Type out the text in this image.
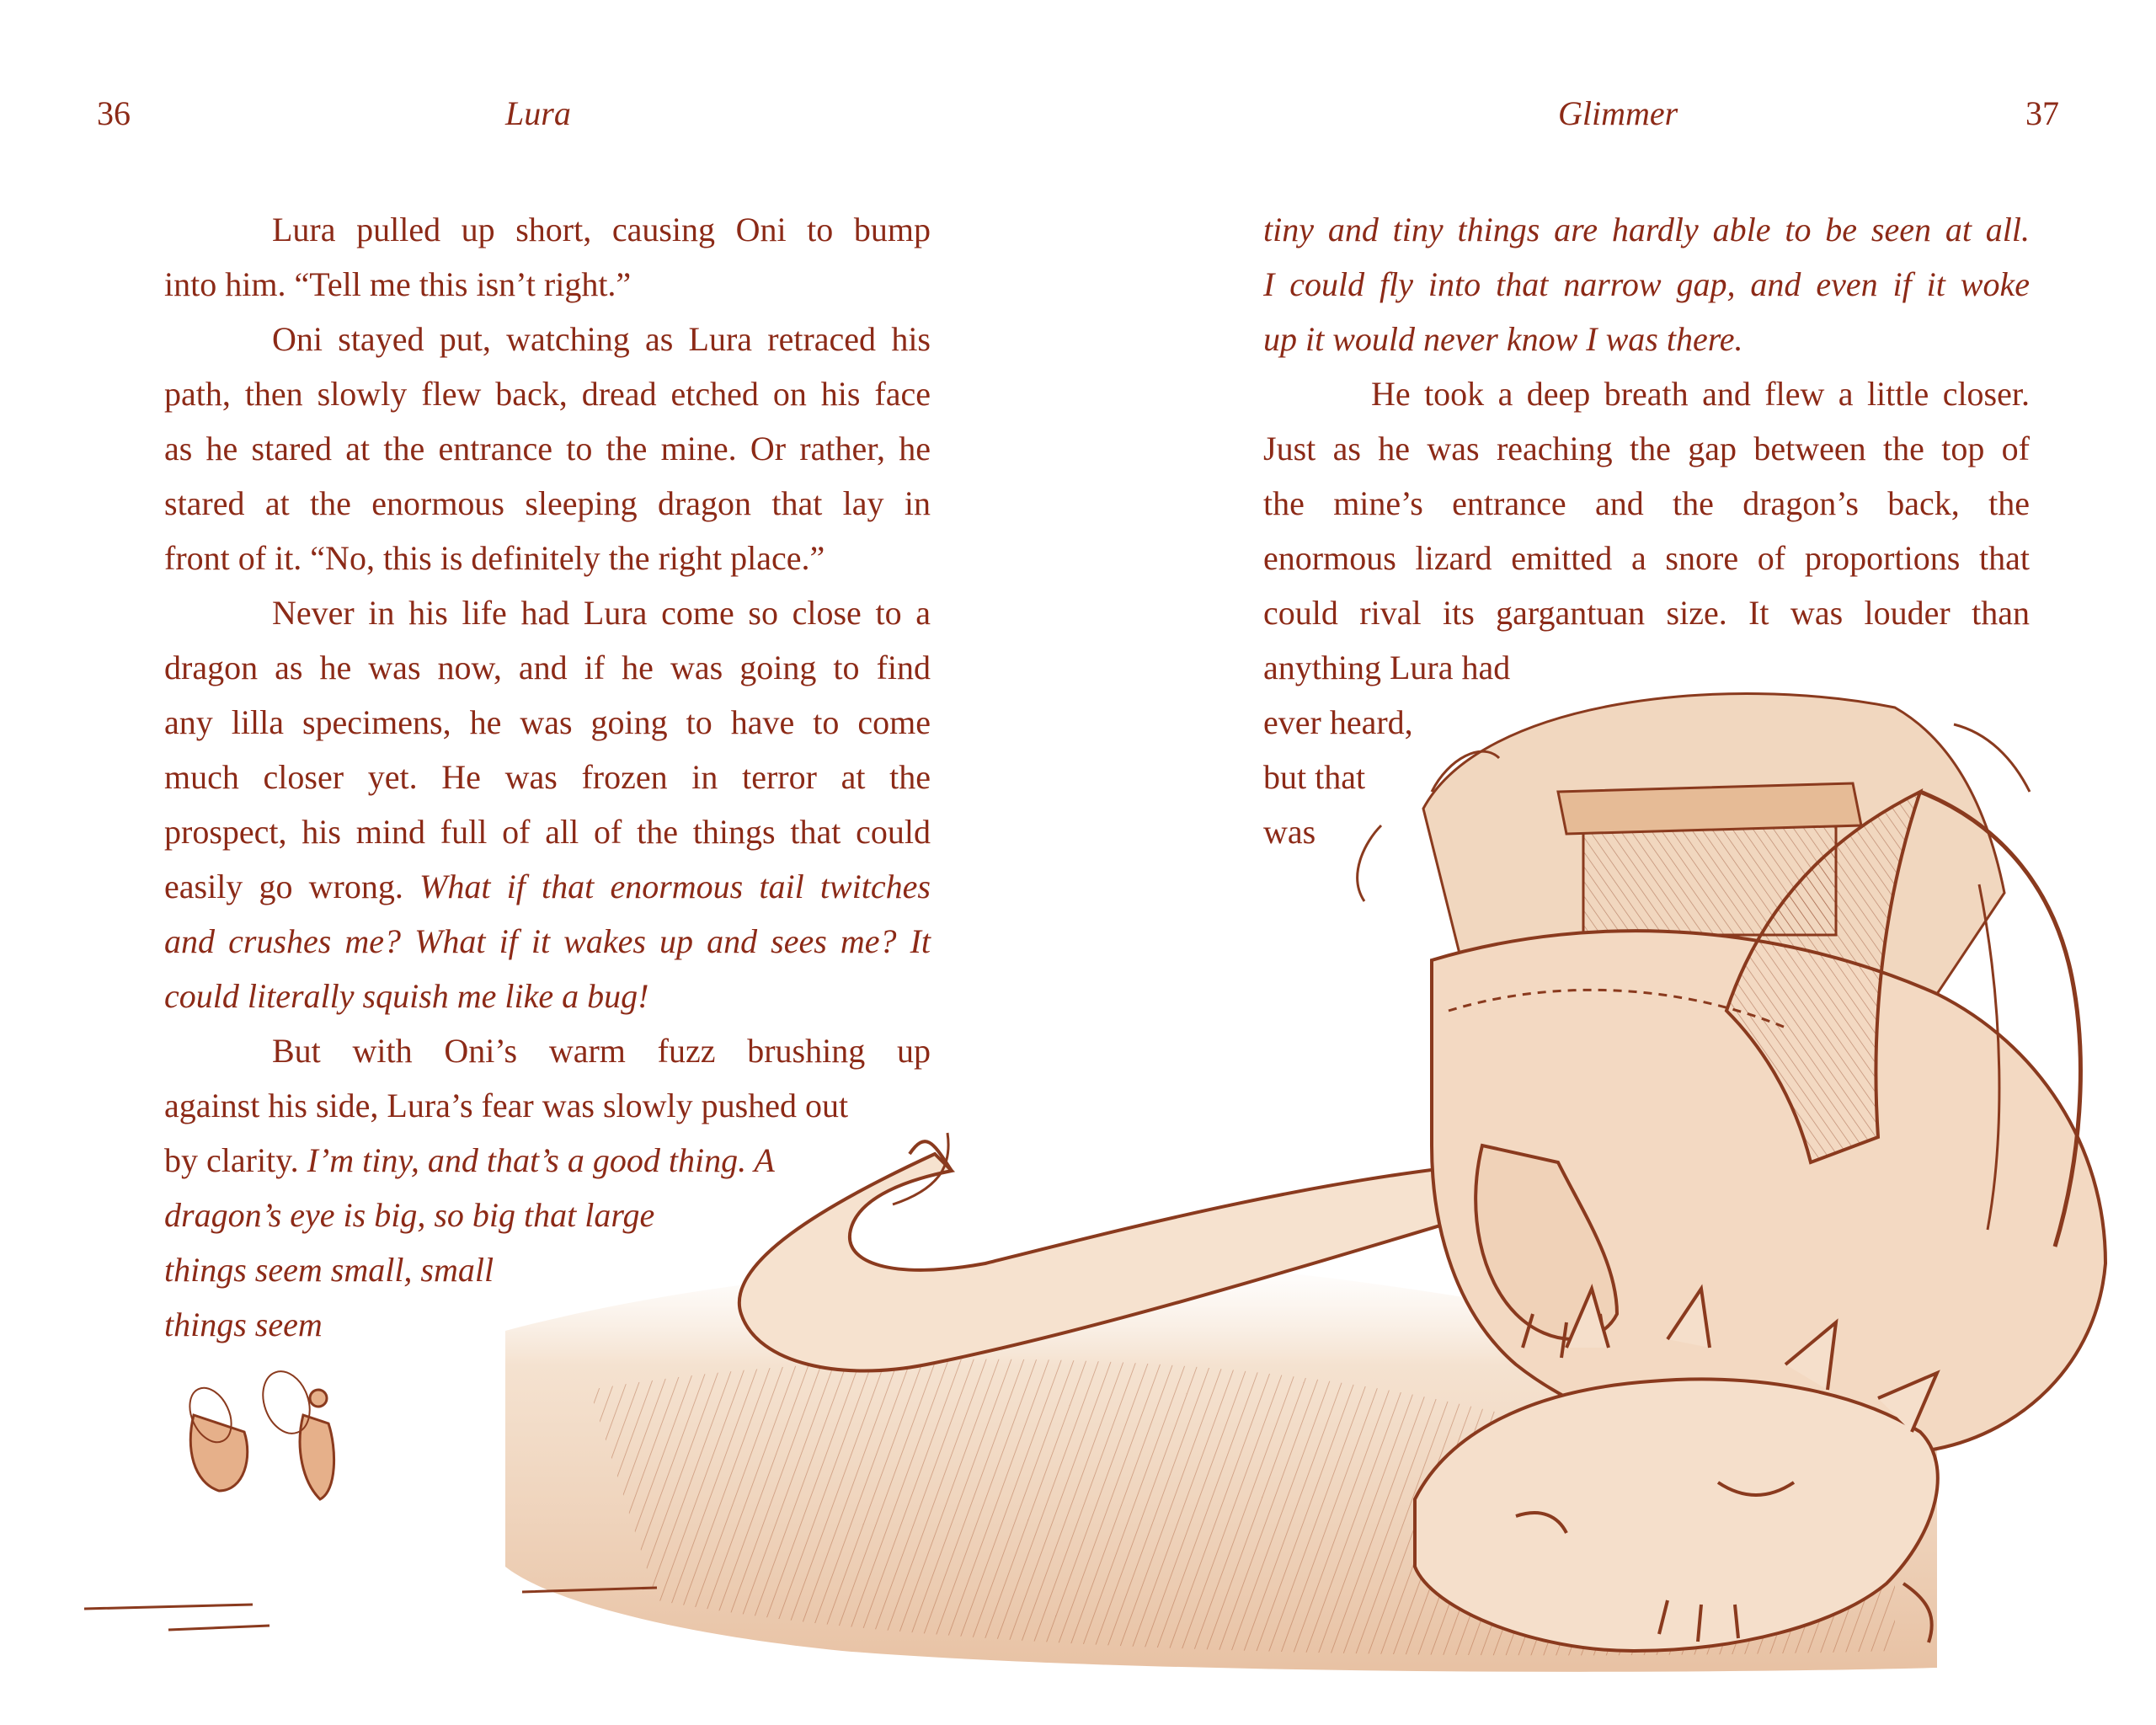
36	Lura	Glimmer	37
Lura pulled up short, causing Oni to bump
into him. “Tell me this isn’t right.”
Oni stayed put, watching as Lura retraced his
path, then slowly flew back, dread etched on his face
as he stared at the entrance to the mine. Or rather, he
stared at the enormous sleeping dragon that lay in
front of it. “No, this is definitely the right place.”
Never in his life had Lura come so close to a
dragon as he was now, and if he was going to find
any lilla specimens, he was going to have to come
much closer yet. He was frozen in terror at the
prospect, his mind full of all of the things that could
easily go wrong. What if that enormous tail twitches
and crushes me? What if it wakes up and sees me? It
could literally squish me like a bug!
But with Oni’s warm fuzz brushing up
against his side, Lura’s fear was slowly pushed out
by clarity. I’m tiny, and that’s a good thing. A
dragon’s eye is big, so big that large
things seem small, small
things seem
tiny and tiny things are hardly able to be seen at all.
I could fly into that narrow gap, and even if it woke
up it would never know I was there.
He took a deep breath and flew a little closer.
Just as he was reaching the gap between the top of
the mine’s entrance and the dragon’s back, the
enormous lizard emitted a snore of proportions that
could rival its gargantuan size. It was louder than
anything Lura had
ever heard,
but that
was
